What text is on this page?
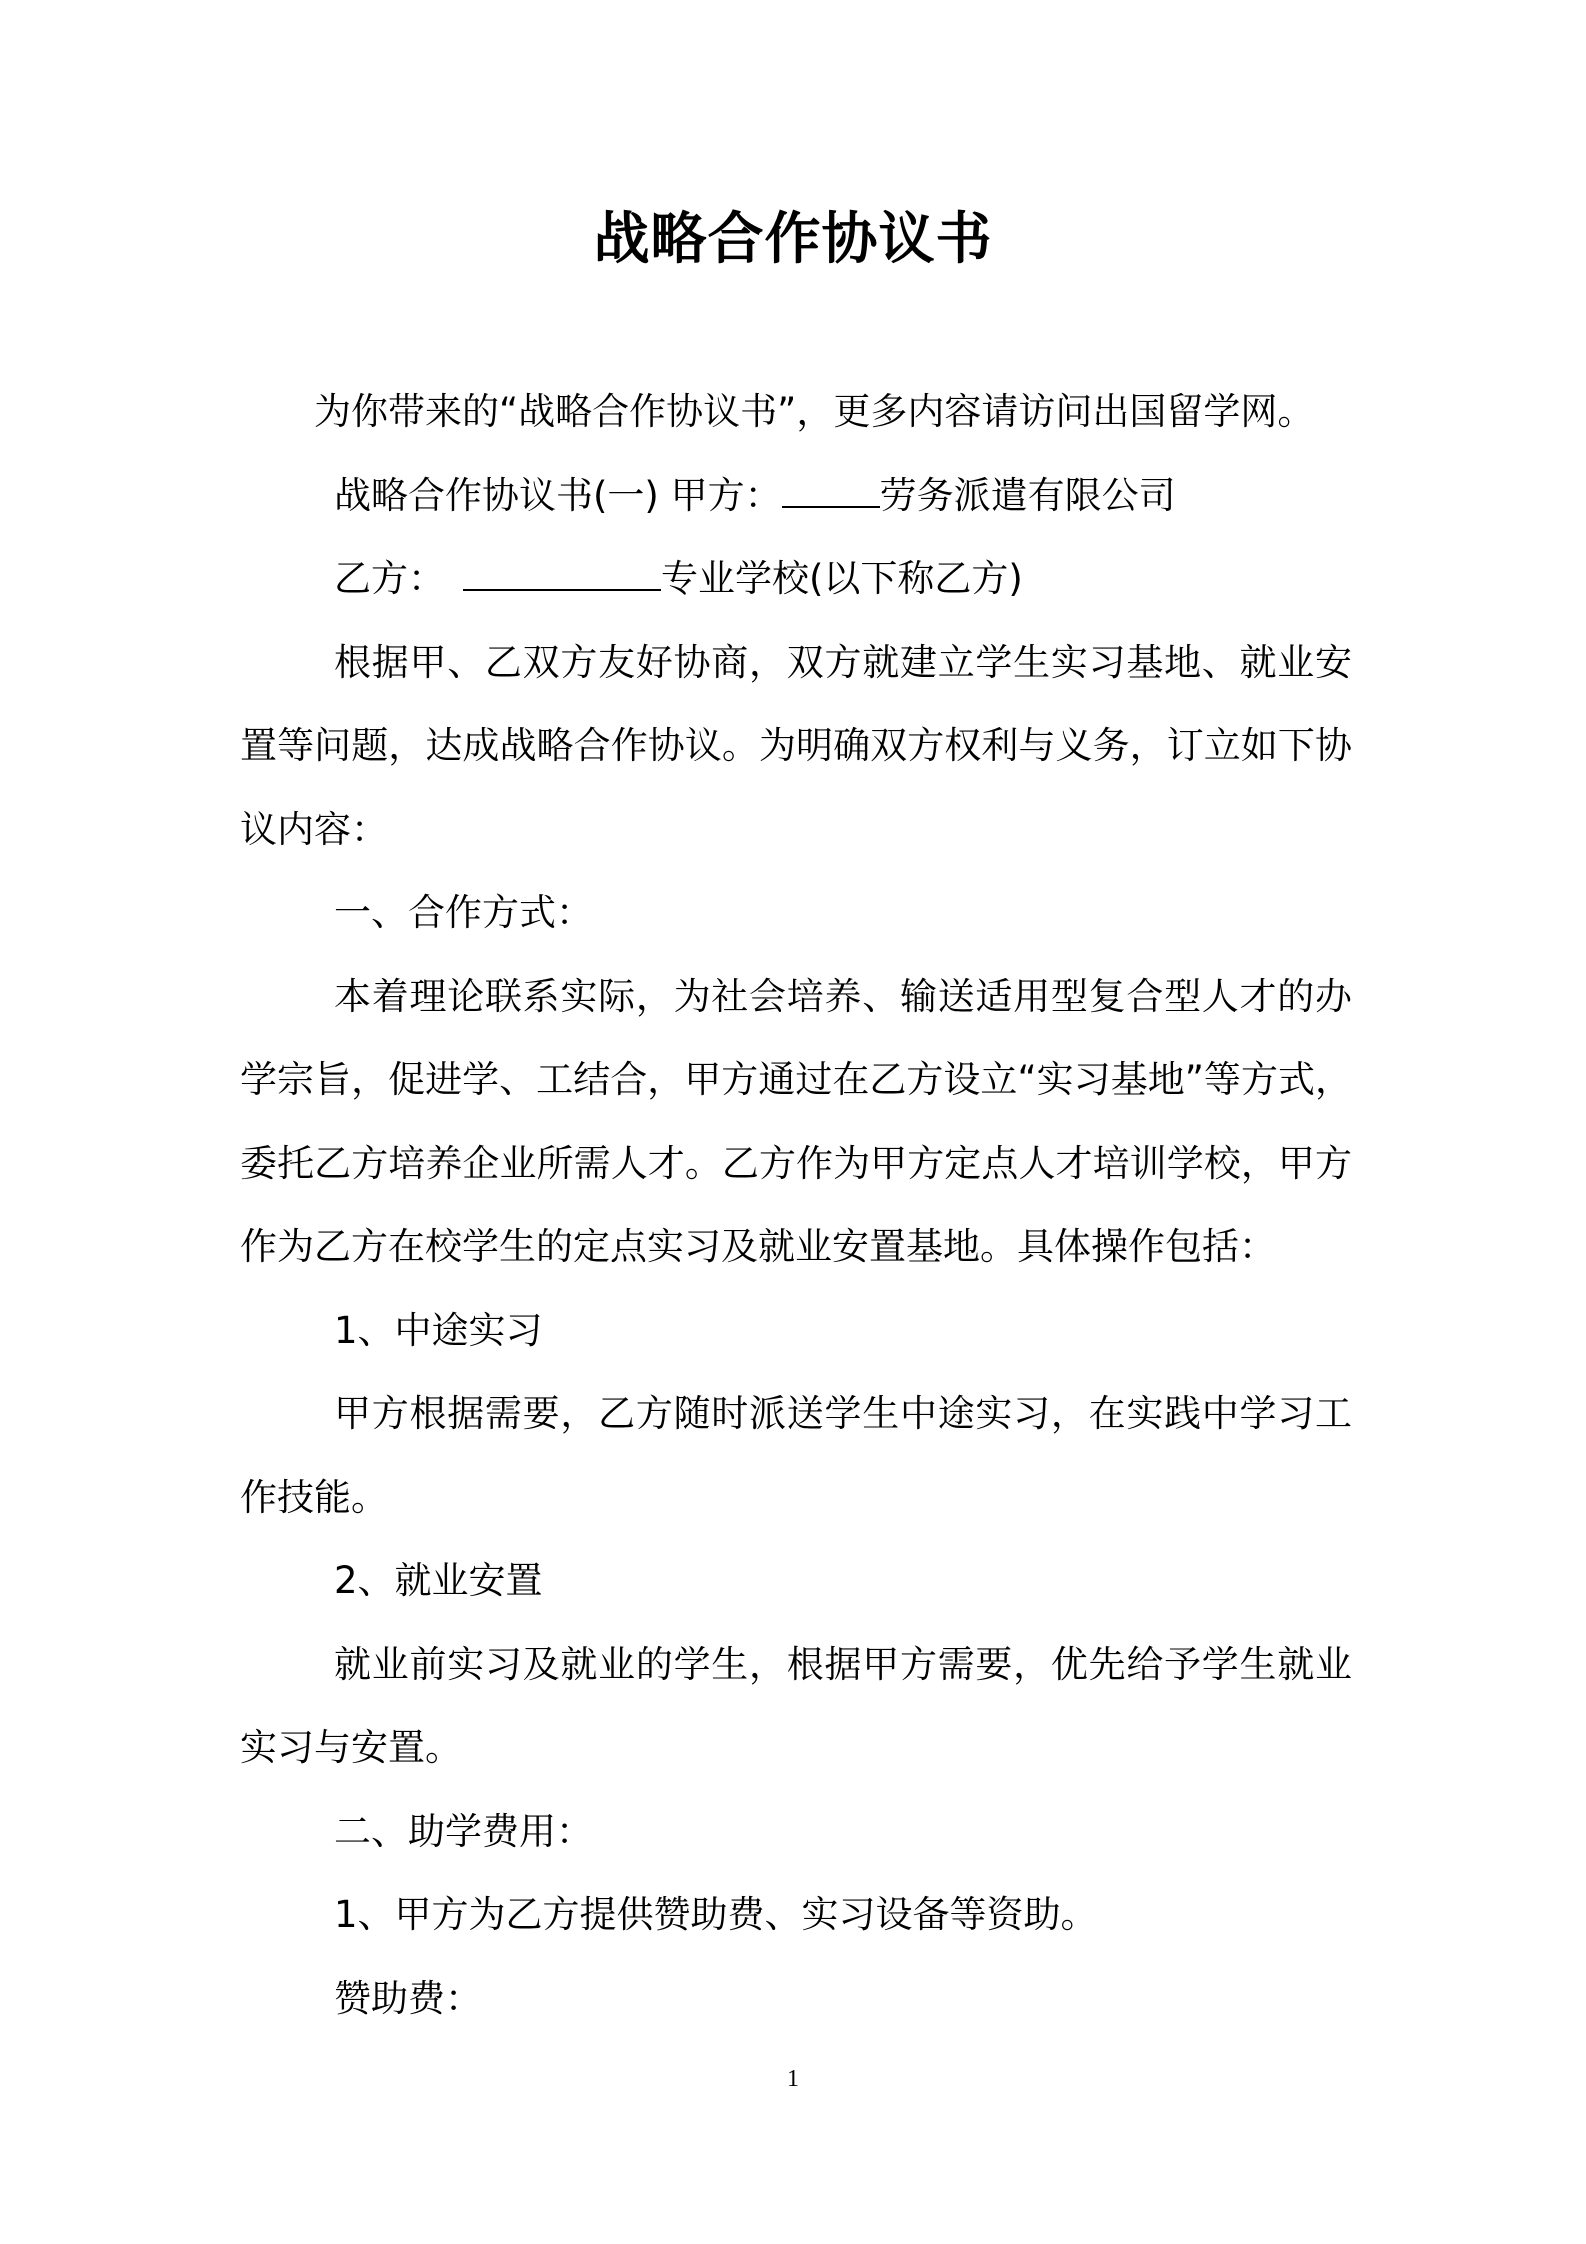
战略合作协议书

为你带来的“战略合作协议书”，更多内容请访问出国留学网。

战略合作协议书(一) 甲方：	劳务派遣有限公司

乙方：	专业学校(以下称乙方)

根据甲、乙双方友好协商，双方就建立学生实习基地、就业安置等问题，达成战略合作协议。为明确双方权利与义务，订立如下协议内容：

一、合作方式：

本着理论联系实际，为社会培养、输送适用型复合型人才的办学宗旨，促进学、工结合，甲方通过在乙方设立“实习基地”等方式，委托乙方培养企业所需人才。乙方作为甲方定点人才培训学校，甲方作为乙方在校学生的定点实习及就业安置基地。具体操作包括：

1、中途实习

甲方根据需要，乙方随时派送学生中途实习，在实践中学习工作技能。

2、就业安置

就业前实习及就业的学生，根据甲方需要，优先给予学生就业实习与安置。

二、助学费用：

1、甲方为乙方提供赞助费、实习设备等资助。

赞助费：

1
